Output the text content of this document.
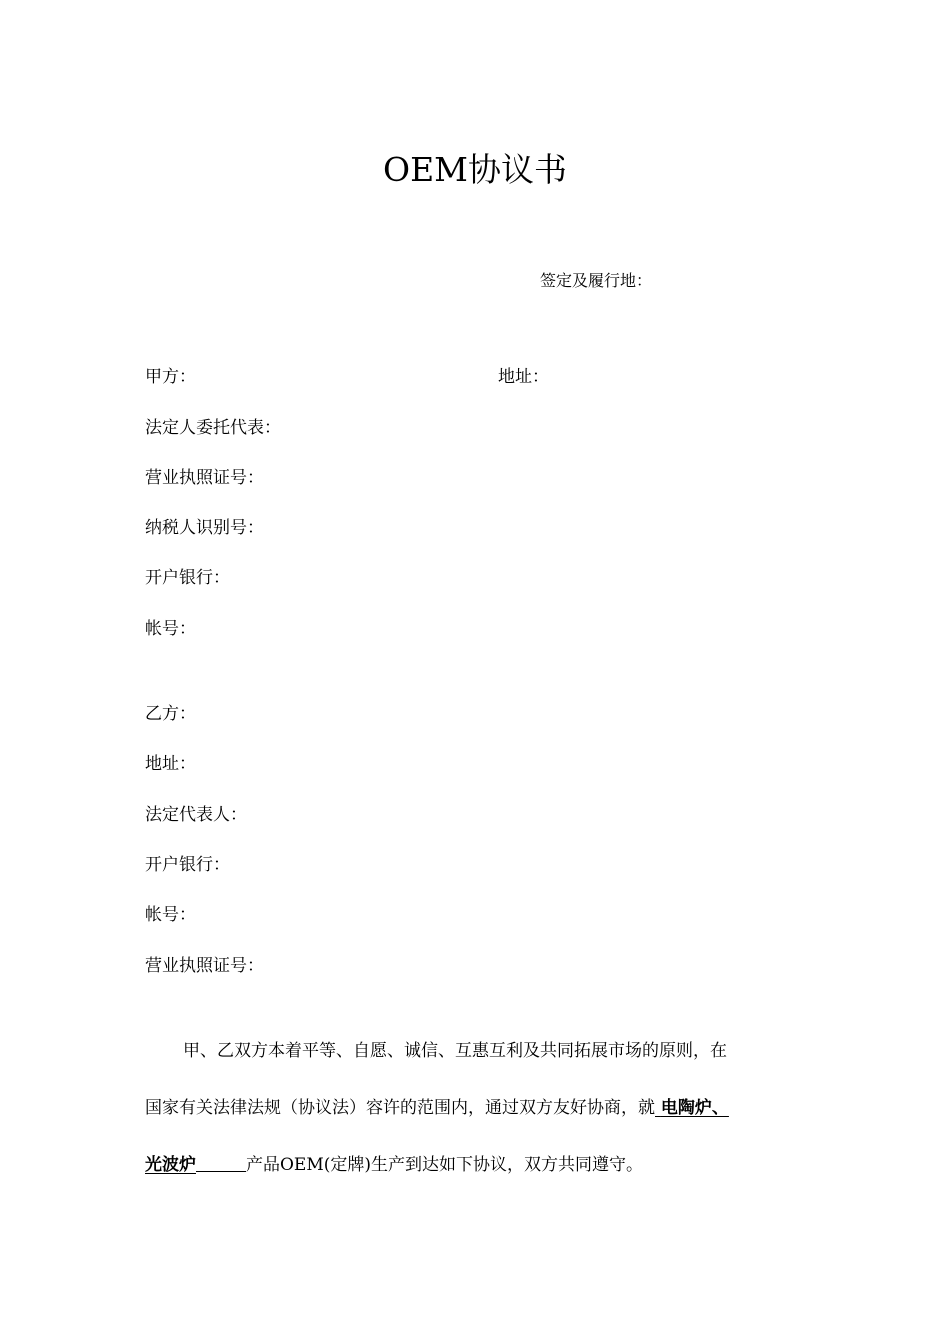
OEM协议书
签定及履行地：
甲方：	地址：
法定人委托代表：
营业执照证号：
纳税人识别号：
开户银行：
帐号：
乙方：
地址：
法定代表人：
开户银行：
帐号：
营业执照证号：
甲、乙双方本着平等、自愿、诚信、互惠互利及共同拓展市场的原则，在
国家有关法律法规（协议法）容许的范围内，通过双方友好协商，就 电陶炉、
光波炉	产品OEM(定牌)生产到达如下协议，双方共同遵守。
